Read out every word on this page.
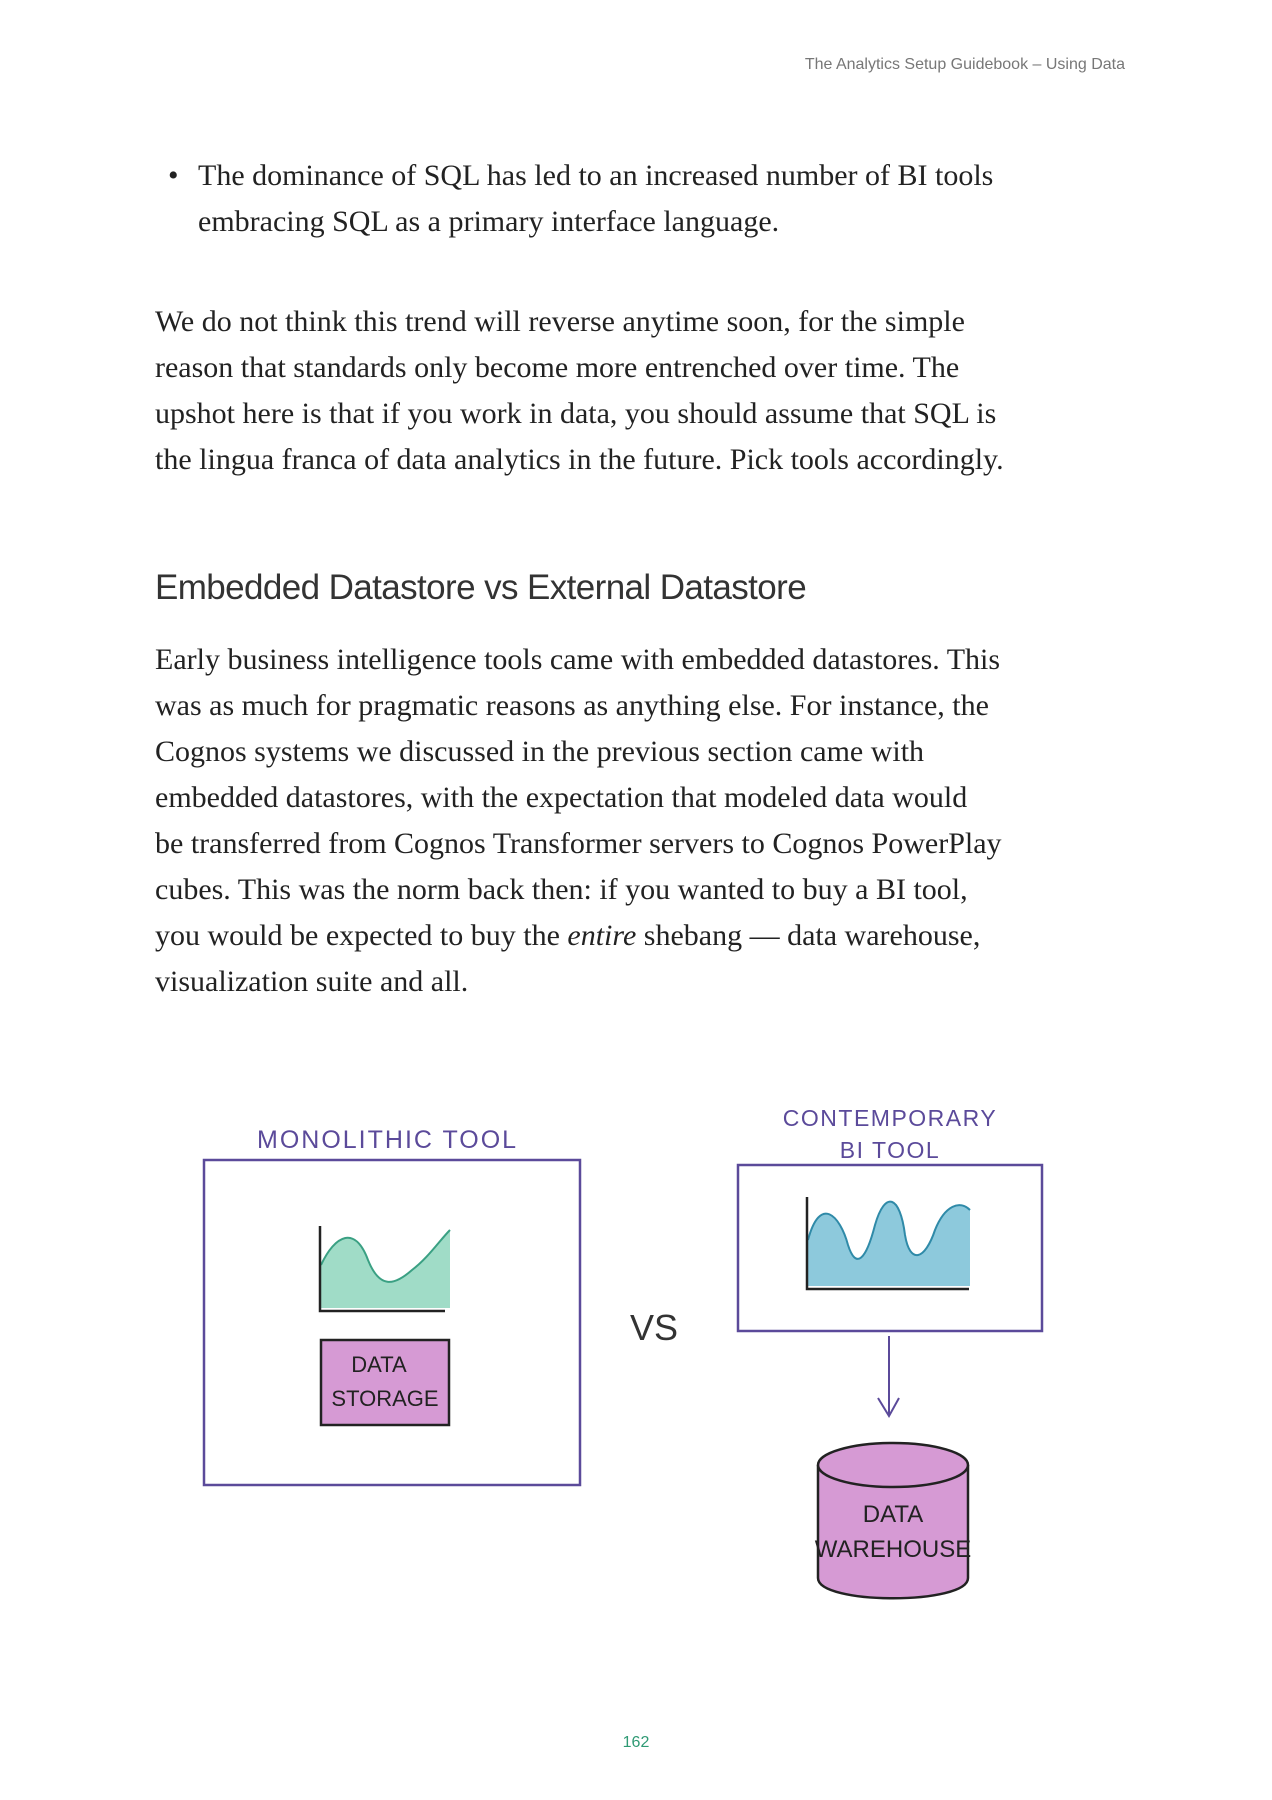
The Analytics Setup Guidebook – Using Data
• The dominance of SQL has led to an increased number of BI tools
embracing SQL as a primary interface language.
We do not think this trend will reverse anytime soon, for the simple
reason that standards only become more entrenched over time. The
upshot here is that if you work in data, you should assume that SQL is
the lingua franca of data analytics in the future. Pick tools accordingly.
Embedded Datastore vs External Datastore
Early business intelligence tools came with embedded datastores. This
was as much for pragmatic reasons as anything else. For instance, the
Cognos systems we discussed in the previous section came with
embedded datastores, with the expectation that modeled data would
be transferred from Cognos Transformer servers to Cognos PowerPlay
cubes. This was the norm back then: if you wanted to buy a BI tool,
you would be expected to buy the entire shebang — data warehouse,
visualization suite and all.
MONOLITHIC TOOL
DATA
STORAGE
VS
CONTEMPORARY
BI TOOL
DATA
WAREHOUSE
162
